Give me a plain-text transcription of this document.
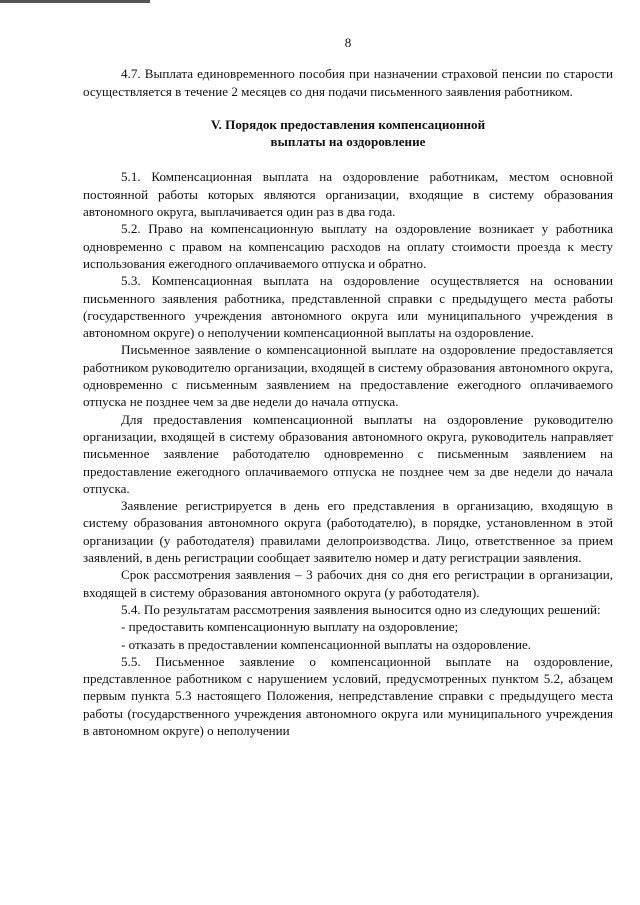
8

4.7. Выплата единовременного пособия при назначении страховой пенсии по старости осуществляется в течение 2 месяцев со дня подачи письменного заявления работником.

V. Порядок предоставления компенсационной
выплаты на оздоровление

5.1. Компенсационная выплата на оздоровление работникам, местом основной постоянной работы которых являются организации, входящие в систему образования автономного округа, выплачивается один раз в два года.

5.2. Право на компенсационную выплату на оздоровление возникает у работника одновременно с правом на компенсацию расходов на оплату стоимости проезда к месту использования ежегодного оплачиваемого отпуска и обратно.

5.3. Компенсационная выплата на оздоровление осуществляется на основании письменного заявления работника, представленной справки с предыдущего места работы (государственного учреждения автономного округа или муниципального учреждения в автономном округе) о неполучении компенсационной выплаты на оздоровление.

Письменное заявление о компенсационной выплате на оздоровление предоставляется работником руководителю организации, входящей в систему образования автономного округа, одновременно с письменным заявлением на предоставление ежегодного оплачиваемого отпуска не позднее чем за две недели до начала отпуска.

Для предоставления компенсационной выплаты на оздоровление руководителю организации, входящей в систему образования автономного округа, руководитель направляет письменное заявление работодателю одновременно с письменным заявлением на предоставление ежегодного оплачиваемого отпуска не позднее чем за две недели до начала отпуска.

Заявление регистрируется в день его представления в организацию, входящую в систему образования автономного округа (работодателю), в порядке, установленном в этой организации (у работодателя) правилами делопроизводства. Лицо, ответственное за прием заявлений, в день регистрации сообщает заявителю номер и дату регистрации заявления.

Срок рассмотрения заявления – 3 рабочих дня со дня его регистрации в организации, входящей в систему образования автономного округа (у работодателя).

5.4. По результатам рассмотрения заявления выносится одно из следующих решений:

- предоставить компенсационную выплату на оздоровление;

- отказать в предоставлении компенсационной выплаты на оздоровление.

5.5. Письменное заявление о компенсационной выплате на оздоровление, представленное работником с нарушением условий, предусмотренных пунктом 5.2, абзацем первым пункта 5.3 настоящего Положения, непредставление справки с предыдущего места работы (государственного учреждения автономного округа или муниципального учреждения в автономном округе) о неполучении
